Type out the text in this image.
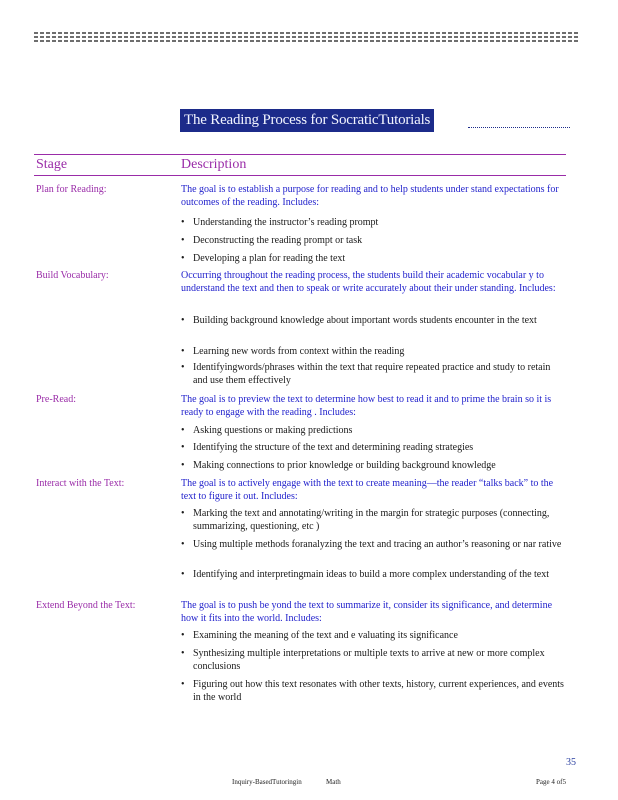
The Reading Process for SocraticTutorials
Stage	Description
Plan for Reading:	The goal is to establish a purpose for reading and to help students under stand expectations for outcomes of the reading. Includes:
• Understanding the instructor’s reading prompt
• Deconstructing the reading prompt or task
• Developing a plan for reading the text
Build Vocabulary:	Occurring throughout the reading process, the students build their academic vocabular y to understand the text and then to speak or write accurately about their under standing. Includes:
• Building background knowledge about important words students encounter in the text
• Learning new words from context within the reading
• Identifyingwords/phrases within the text that require repeated practice and study to retain and use them effectively
Pre-Read:	The goal is to preview the text to determine how best to read it and to prime the brain so it is ready to engage with the reading . Includes:
• Asking questions or making predictions
• Identifying the structure of the text and determining reading strategies
• Making connections to prior knowledge or building background knowledge
Interact with the Text:	The goal is to actively engage with the text to create meaning—the reader “talks back” to the text to figure it out. Includes:
• Marking the text and annotating/writing in the margin for strategic purposes (connecting, summarizing, questioning, etc )
• Using multiple methods foranalyzing the text and tracing an author’s reasoning or nar rative
• Identifying and interpretingmain ideas to build a more complex understanding of the text
Extend Beyond the Text:	The goal is to push be yond the text to summarize it, consider its significance, and determine how it fits into the world. Includes:
• Examining the meaning of the text and e valuating its significance
• Synthesizing multiple interpretations or multiple texts to arrive at new or more complex conclusions
• Figuring out how this text resonates with other texts, history, current experiences, and events in the world
35
Inquiry-BasedTutoringin	Math	Page 4 of5
